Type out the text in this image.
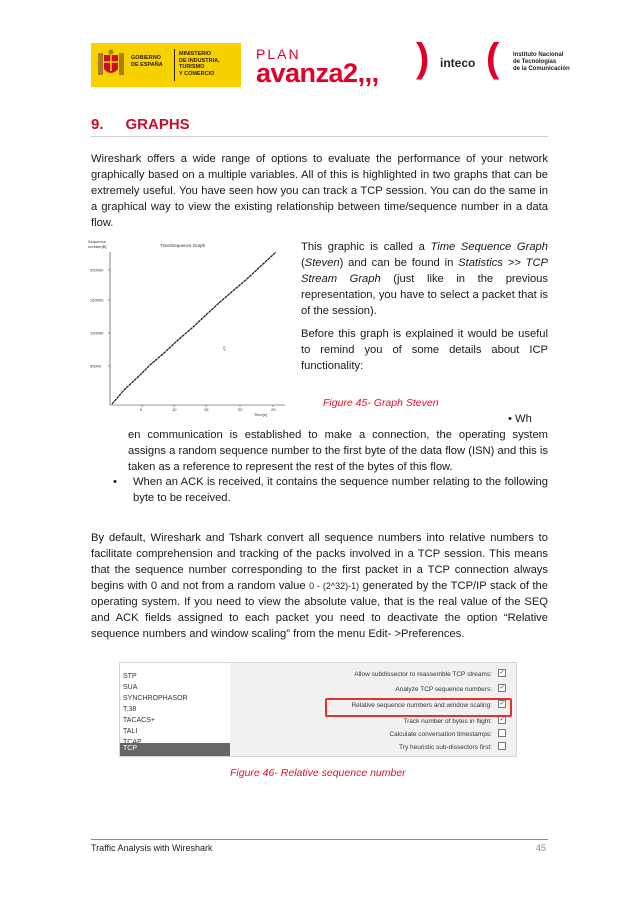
GOBIERNO
DE ESPAÑA
MINISTERIO
DE INDUSTRIA, TURISMO
Y COMERCIO
PLAN
avanza2,,, ) inteco ( Instituto Nacional
de Tecnologías
de la Comunicación
9. GRAPHS
Wireshark offers a wide range of options to evaluate the performance of your network graphically based on a multiple variables. All of this is highlighted in two graphs that can be extremely useful. You have seen how you can track a TCP session. You can do the same in a graphical way to view the existing relationship between time/sequence number in a data flow.
Sequence
number[B]	Time/Sequence Graph
200000
150000
100000
50000
5	10	15	20	25
47
Time[s]
This graphic is called a Time Sequence Graph (Steven) and can be found in Statistics >> TCP Stream Graph (just like in the previous representation, you have to select a packet that is of the session).
Before this graph is explained it would be useful to remind you of some details about ICP functionality:
Figure 45- Graph Steven
• Wh
en communication is established to make a connection, the operating system assigns a random sequence number to the first byte of the data flow (ISN) and this is taken as a reference to represent the rest of the bytes of this flow.
• When an ACK is received, it contains the sequence number relating to the following byte to be received.
By default, Wireshark and Tshark convert all sequence numbers into relative numbers to facilitate comprehension and tracking of the packs involved in a TCP session. This means that the sequence number corresponding to the first packet in a TCP connection always begins with 0 and not from a random value 0 - (2^32)-1) generated by the TCP/IP stack of the operating system. If you need to view the absolute value, that is the real value of the SEQ and ACK fields assigned to each packet you need to deactivate the option “Relative sequence numbers and window scaling” from the menu Edit- >Preferences.
STP
SUA
SYNCHROPHASOR
T.38
TACACS+
TALI
TCP
Allow subdissector to reassemble TCP streams: ✓
Analyze TCP sequence numbers: ✓
Relative sequence numbers and window scaling: ✓
Track number of bytes in flight: ✓
Calculate conversation timestamps:
Try heuristic sub-dissectors first:
Figure 46- Relative sequence number
Traffic Analysis with Wireshark	45
